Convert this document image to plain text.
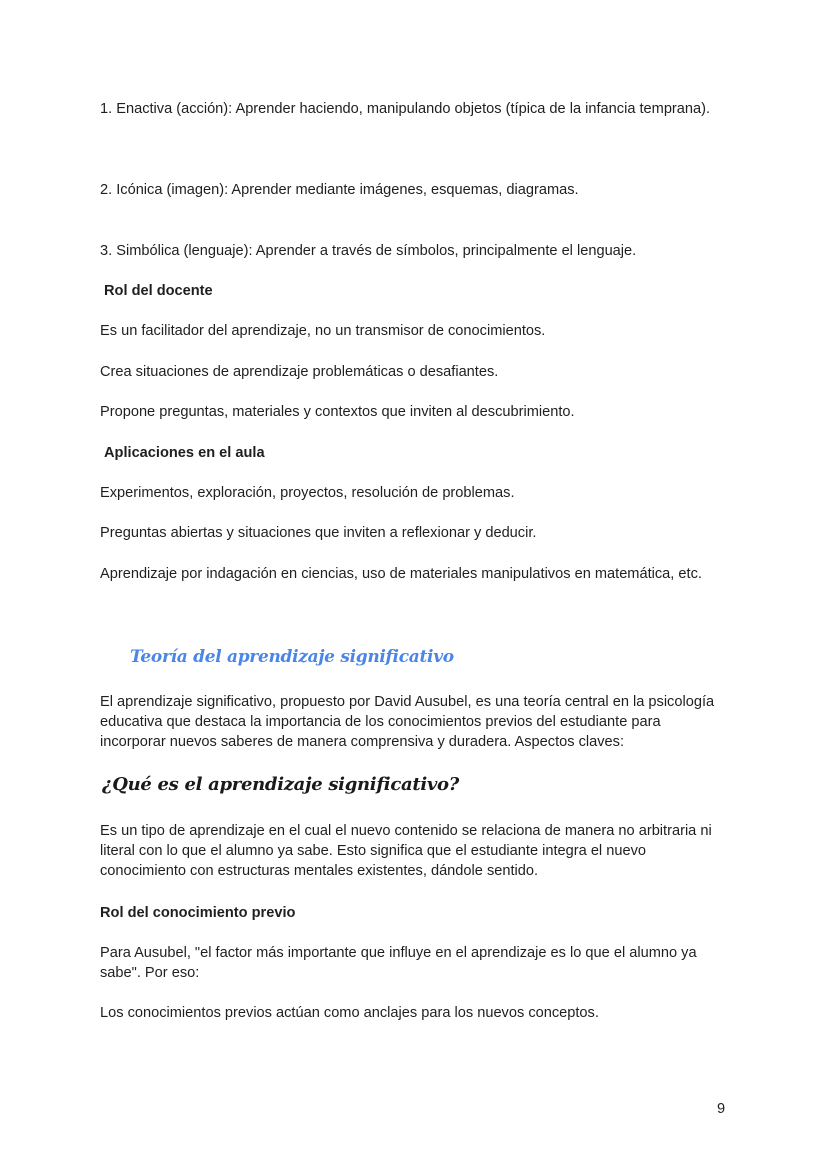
1. Enactiva (acción): Aprender haciendo, manipulando objetos (típica de la infancia temprana).

2. Icónica (imagen): Aprender mediante imágenes, esquemas, diagramas.

3. Simbólica (lenguaje): Aprender a través de símbolos, principalmente el lenguaje.

Rol del docente

Es un facilitador del aprendizaje, no un transmisor de conocimientos.

Crea situaciones de aprendizaje problemáticas o desafiantes.

Propone preguntas, materiales y contextos que inviten al descubrimiento.

Aplicaciones en el aula

Experimentos, exploración, proyectos, resolución de problemas.

Preguntas abiertas y situaciones que inviten a reflexionar y deducir.

Aprendizaje por indagación en ciencias, uso de materiales manipulativos en matemática, etc.

Teoría del aprendizaje significativo

El aprendizaje significativo, propuesto por David Ausubel, es una teoría central en la psicología educativa que destaca la importancia de los conocimientos previos del estudiante para incorporar nuevos saberes de manera comprensiva y duradera. Aspectos claves:

¿Qué es el aprendizaje significativo?

Es un tipo de aprendizaje en el cual el nuevo contenido se relaciona de manera no arbitraria ni literal con lo que el alumno ya sabe. Esto significa que el estudiante integra el nuevo conocimiento con estructuras mentales existentes, dándole sentido.

Rol del conocimiento previo

Para Ausubel, "el factor más importante que influye en el aprendizaje es lo que el alumno ya sabe". Por eso:

Los conocimientos previos actúan como anclajes para los nuevos conceptos.

9
